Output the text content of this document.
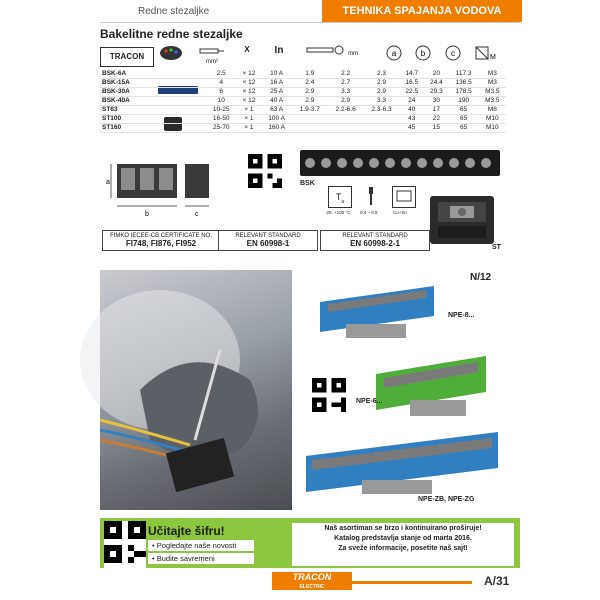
Redne stezaljke	TEHNIKA SPAJANJA VODOVA
Bakelitne redne stezaljke
TRACON
mm²
X	In	mm	a	b	c	M
BSK-6A		2.5	× 12	10 A	1.9	2.2	2.3	14.7	20	117.3	M3
BSK-15A		4	× 12	16 A	2.4	2.7	2.9	16.5	24.4	136.5	M3
BSK-30A		6	× 12	25 A	2.9	3.3	2.9	22.5	29.3	178.5	M3.5
BSK-40A		10	× 12	40 A	2.9	2.9	3.3	24	30	190	M3.5
ST63		10-25	× 1	63 A	1.9-3.7	2.2-6.6	2.3-6.3	40	17	65	M8
ST100		16-50	× 1	100 A				43	22	65	M10
ST160		25-70	× 1	160 A				45	15	65	M10
a
b	c
BSK
$T_a$
-25..+100 °C 0.4 – 0.8	Cu+Sn
ST
FIMKO IECEE-CB CERTIFICATE NO.
FI748, FI876, FI952
RELEVANT STANDARD
EN 60998-1
RELEVANT STANDARD
EN 60998-2-1
N/12
NPE-8...
NPE-6...
NPE-ZB, NPE-ZG
Učitajte šifru!
• Pogledajte naše novosti
• Budite savremeni
Naš asortiman se brzo i kontinuirano proširuje!
Katalog predstavlja stanje od marta 2016.
Za sveže informacije, posetite naš sajt!
TRACON
ELECTRIC	A/31
